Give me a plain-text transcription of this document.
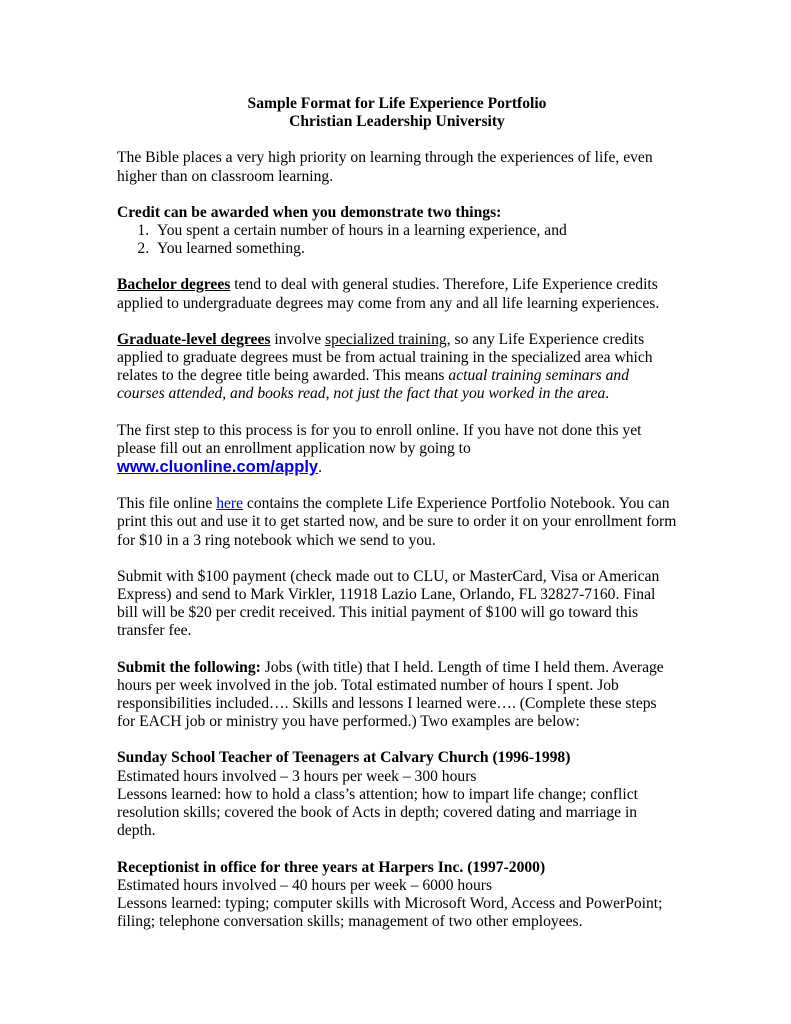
Sample Format for Life Experience Portfolio

Christian Leadership University

The Bible places a very high priority on learning through the experiences of life, even higher than on classroom learning.

Credit can be awarded when you demonstrate two things:

1. You spent a certain number of hours in a learning experience, and
2. You learned something.

Bachelor degrees tend to deal with general studies. Therefore, Life Experience credits applied to undergraduate degrees may come from any and all life learning experiences.

Graduate-level degrees involve specialized training, so any Life Experience credits applied to graduate degrees must be from actual training in the specialized area which relates to the degree title being awarded. This means actual training seminars and courses attended, and books read, not just the fact that you worked in the area.

The first step to this process is for you to enroll online. If you have not done this yet please fill out an enrollment application now by going to www.cluonline.com/apply.

This file online here contains the complete Life Experience Portfolio Notebook. You can print this out and use it to get started now, and be sure to order it on your enrollment form for $10 in a 3 ring notebook which we send to you.

Submit with $100 payment (check made out to CLU, or MasterCard, Visa or American Express) and send to Mark Virkler, 11918 Lazio Lane, Orlando, FL 32827-7160. Final bill will be $20 per credit received. This initial payment of $100 will go toward this transfer fee.

Submit the following: Jobs (with title) that I held. Length of time I held them. Average hours per week involved in the job. Total estimated number of hours I spent. Job responsibilities included…. Skills and lessons I learned were…. (Complete these steps for EACH job or ministry you have performed.) Two examples are below:

Sunday School Teacher of Teenagers at Calvary Church (1996-1998)

Estimated hours involved – 3 hours per week – 300 hours

Lessons learned: how to hold a class’s attention; how to impart life change; conflict resolution skills; covered the book of Acts in depth; covered dating and marriage in depth.

Receptionist in office for three years at Harpers Inc. (1997-2000)

Estimated hours involved – 40 hours per week – 6000 hours

Lessons learned: typing; computer skills with Microsoft Word, Access and PowerPoint; filing; telephone conversation skills; management of two other employees.
